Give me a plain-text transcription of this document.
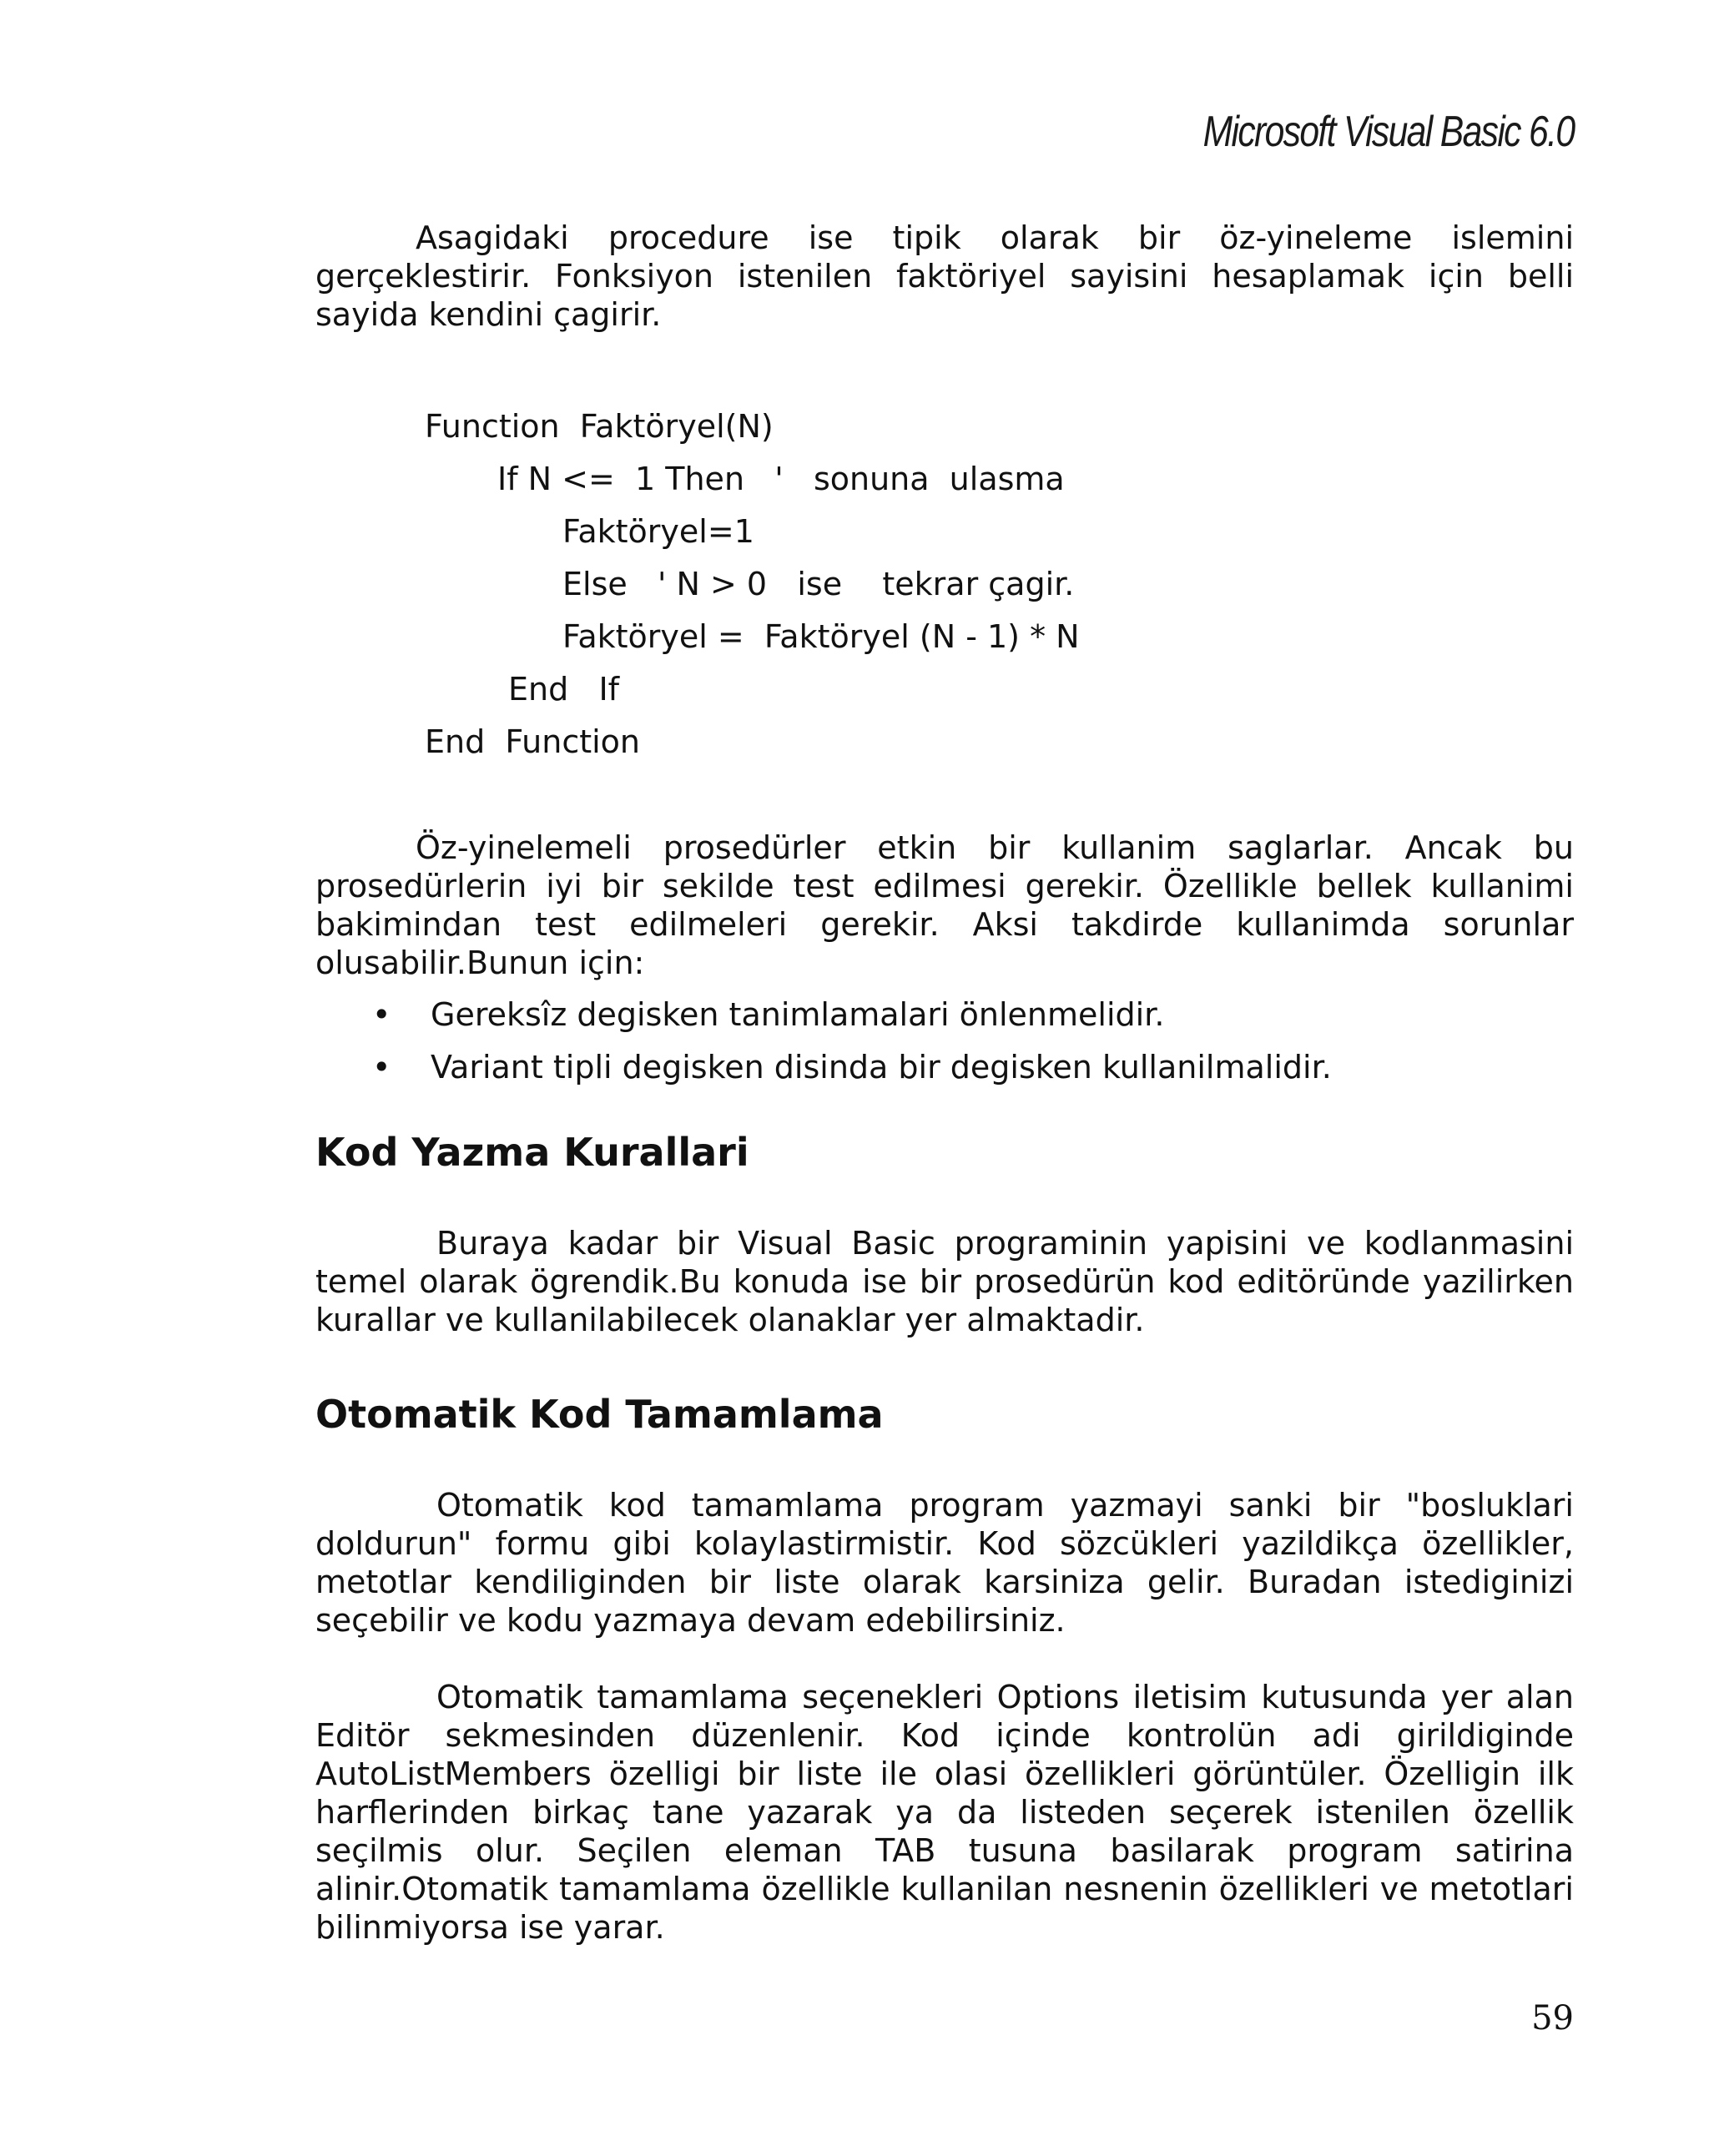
Microsoft Visual Basic 6.0

Asagidaki procedure ise tipik olarak bir öz-yineleme islemini gerçeklestirir. Fonksiyon istenilen faktöriyel sayisini hesaplamak için belli sayida kendini çagirir.

Function  Faktöryel(N)
If N <=  1 Then   '   sonuna  ulasma
Faktöryel=1
Else   ' N > 0   ise    tekrar çagir.
Faktöryel =  Faktöryel (N - 1) * N
End   If
End  Function

Öz-yinelemeli prosedürler etkin bir kullanim saglarlar. Ancak bu prosedürlerin iyi bir sekilde test edilmesi gerekir. Özellikle bellek kullanimi bakimindan test edilmeleri gerekir. Aksi takdirde kullanimda sorunlar olusabilir.Bunun için:

• Gereksîz degisken tanimlamalari önlenmelidir.
• Variant tipli degisken disinda bir degisken kullanilmalidir.
Kod Yazma Kurallari

Buraya kadar bir Visual Basic programinin yapisini ve kodlanmasini temel olarak ögrendik.Bu konuda ise bir prosedürün kod editöründe yazilirken kurallar ve kullanilabilecek olanaklar yer almaktadir.

Otomatik Kod Tamamlama

Otomatik kod tamamlama program yazmayi sanki bir "bosluklari doldurun" formu gibi kolaylastirmistir. Kod sözcükleri yazildikça özellikler, metotlar kendiliginden bir liste olarak karsiniza gelir. Buradan istediginizi seçebilir ve kodu yazmaya devam edebilirsiniz.

Otomatik tamamlama seçenekleri Options iletisim kutusunda yer alan Editör sekmesinden düzenlenir. Kod içinde kontrolün adi girildiginde AutoListMembers özelligi bir liste ile olasi özellikleri görüntüler. Özelligin ilk harflerinden birkaç tane yazarak ya da listeden seçerek istenilen özellik seçilmis olur. Seçilen eleman TAB tusuna basilarak program satirina alinir.Otomatik tamamlama özellikle kullanilan nesnenin özellikleri ve metotlari bilinmiyorsa ise yarar.

59
